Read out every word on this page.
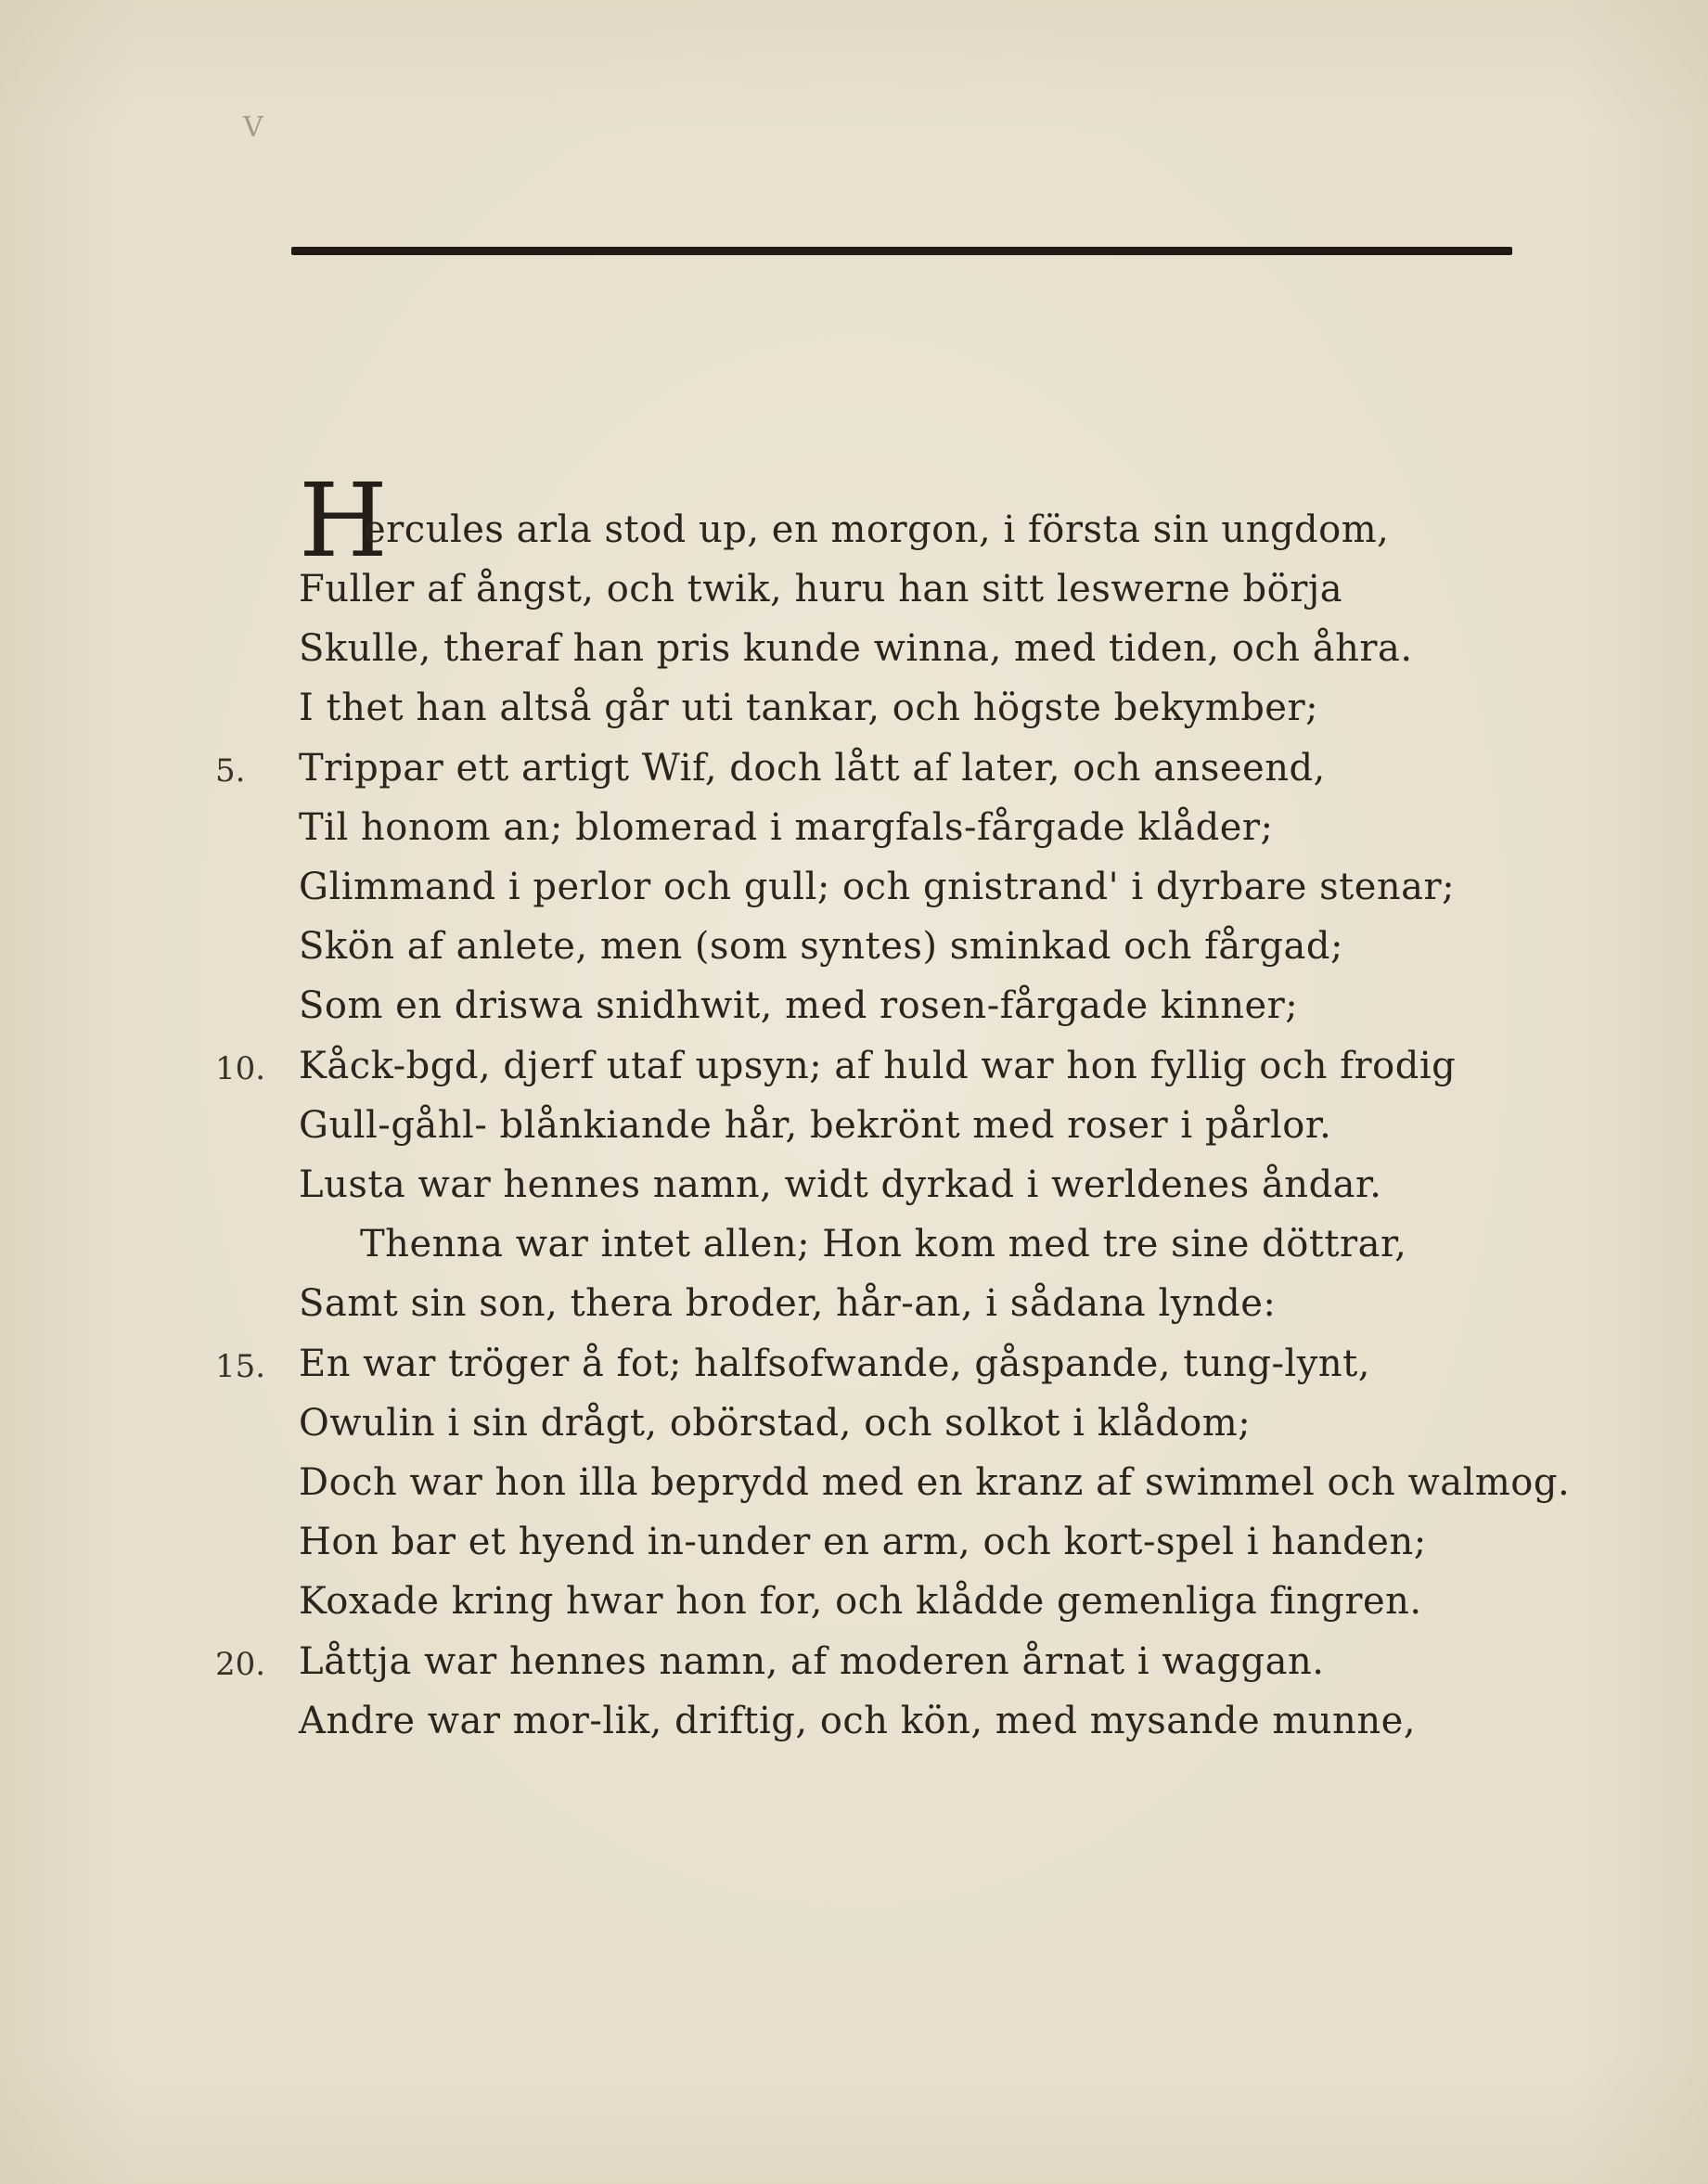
V
H
ercules arla stod up, en morgon, i första sin ungdom,
Fuller af ångst, och twik, huru han sitt leswerne börja
Skulle, theraf han pris kunde winna, med tiden, och åhra.
I thet han altså går uti tankar, och högste bekymber;
5.	Trippar ett artigt Wif, doch lått af later, och anseend,
Til honom an; blomerad i margfals-fårgade klåder;
Glimmand i perlor och gull; och gnistrand' i dyrbare stenar;
Skön af anlete, men (som syntes) sminkad och fårgad;
Som en driswa snidhwit, med rosen-fårgade kinner;
10. Kåck-bgd, djerf utaf upsyn; af huld war hon fyllig och frodig
Gull-gåhl- blånkiande hår, bekrönt med roser i pårlor.
Lusta war hennes namn, widt dyrkad i werldenes åndar.
Thenna war intet allen; Hon kom med tre sine döttrar,
Samt sin son, thera broder, hår-an, i sådana lynde:
15. En war tröger å fot; halfsofwande, gåspande, tung-lynt,
Owulin i sin drågt, obörstad, och solkot i klådom;
Doch war hon illa beprydd med en kranz af swimmel och walmog.
Hon bar et hyend in-under en arm, och kort-spel i handen;
Koxade kring hwar hon for, och klådde gemenliga fingren.
20. Låttja war hennes namn, af moderen årnat i waggan.
Andre war mor-lik, driftig, och kön, med mysande munne,
